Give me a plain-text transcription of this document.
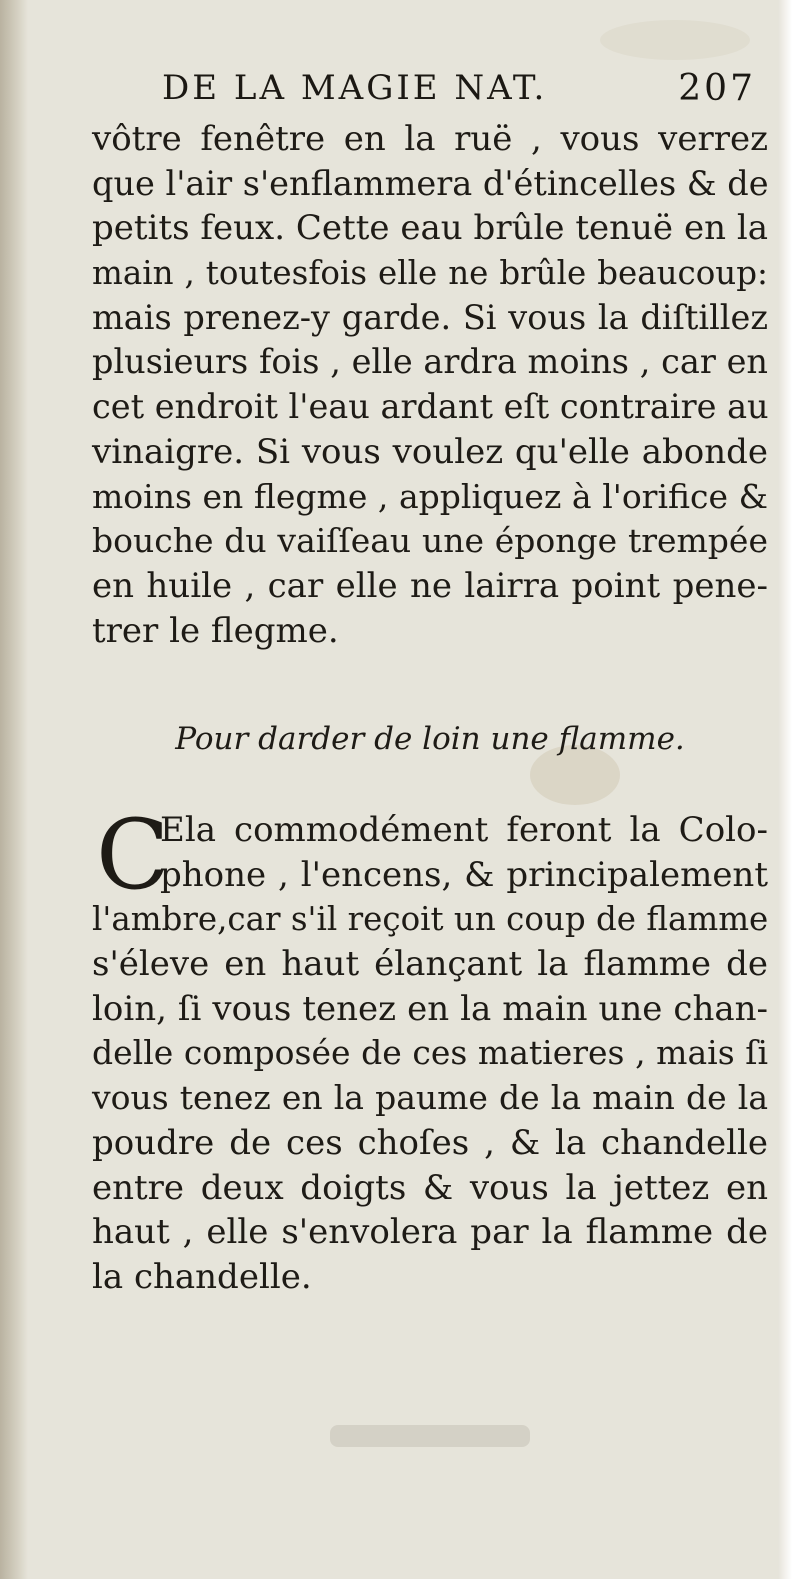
DE LA MAGIE NAT.	207
vôtre fenêtre en la ruë , vous verrez
que l'air s'enflammera d'étincelles & de
petits feux. Cette eau brûle tenuë en la
main , toutesfois elle ne brûle beaucoup:
mais prenez-y garde. Si vous la diſtillez
plusieurs fois , elle ardra moins , car en
cet endroit l'eau ardant eſt contraire au
vinaigre. Si vous voulez qu'elle abonde
moins en flegme , appliquez à l'orifice &
bouche du vaiſſeau une éponge trempée
en huile , car elle ne lairra point pene-
trer le flegme.
Pour darder de loin une flamme.
C
Ela commodément feront la Colo-
phone , l'encens, & principalement
l'ambre,car s'il reçoit un coup de flamme
s'éleve en haut élançant la flamme de
loin, ſi vous tenez en la main une chan-
delle composée de ces matieres , mais ſi
vous tenez en la paume de la main de la
poudre de ces choſes , & la chandelle
entre deux doigts & vous la jettez en
haut , elle s'envolera par la flamme de
la chandelle.
